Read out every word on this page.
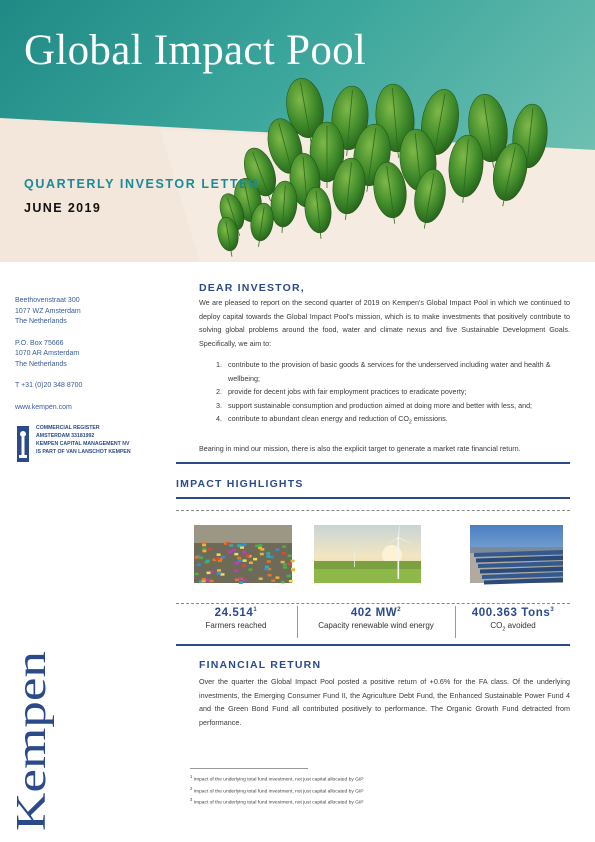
Global Impact Pool
QUARTERLY INVESTOR LETTER
JUNE 2019
Beethovenstraat 300
1077 WZ Amsterdam
The Netherlands
P.O. Box 75666
1070 AR Amsterdam
The Netherlands
T +31 (0)20 348 8700
www.kempen.com
COMMERCIAL REGISTER
AMSTERDAM 33181992
KEMPEN CAPITAL MANAGEMENT NV
IS PART OF VAN LANSCHOT KEMPEN
Kempen
DEAR INVESTOR,

We are pleased to report on the second quarter of 2019 on Kempen's Global Impact Pool in which we continued to deploy capital towards the Global Impact Pool's mission, which is to make investments that positively contribute to solving global problems around the food, water and climate nexus and five Sustainable Development Goals. Specifically, we aim to:

1. contribute to the provision of basic goods & services for the underserved including water and health & wellbeing;
2. provide for decent jobs with fair employment practices to eradicate poverty;
3. support sustainable consumption and production aimed at doing more and better with less, and;
4. contribute to abundant clean energy and reduction of $CO_2$ emissions.

Bearing in mind our mission, there is also the explicit target to generate a market rate financial return.

IMPACT HIGHLIGHTS
24.514$^1$
Farmers reached
402 $MW^2$
Capacity renewable wind energy
400.363 Tons$^3$
$CO_2$ avoided
FINANCIAL RETURN

Over the quarter the Global Impact Pool posted a positive return of +0.6% for the FA class. Of the underlying investments, the Emerging Consumer Fund II, the Agriculture Debt Fund, the Enhanced Sustainable Power Fund 4 and the Green Bond Fund all contributed positively to performance. The Organic Growth Fund detracted from performance.

$^1$ Impact of the underlying total fund investment, not just capital allocated by GIP
$^2$ Impact of the underlying total fund investment, not just capital allocated by GIP
$^3$ Impact of the underlying total fund investment, not just capital allocated by GIP
